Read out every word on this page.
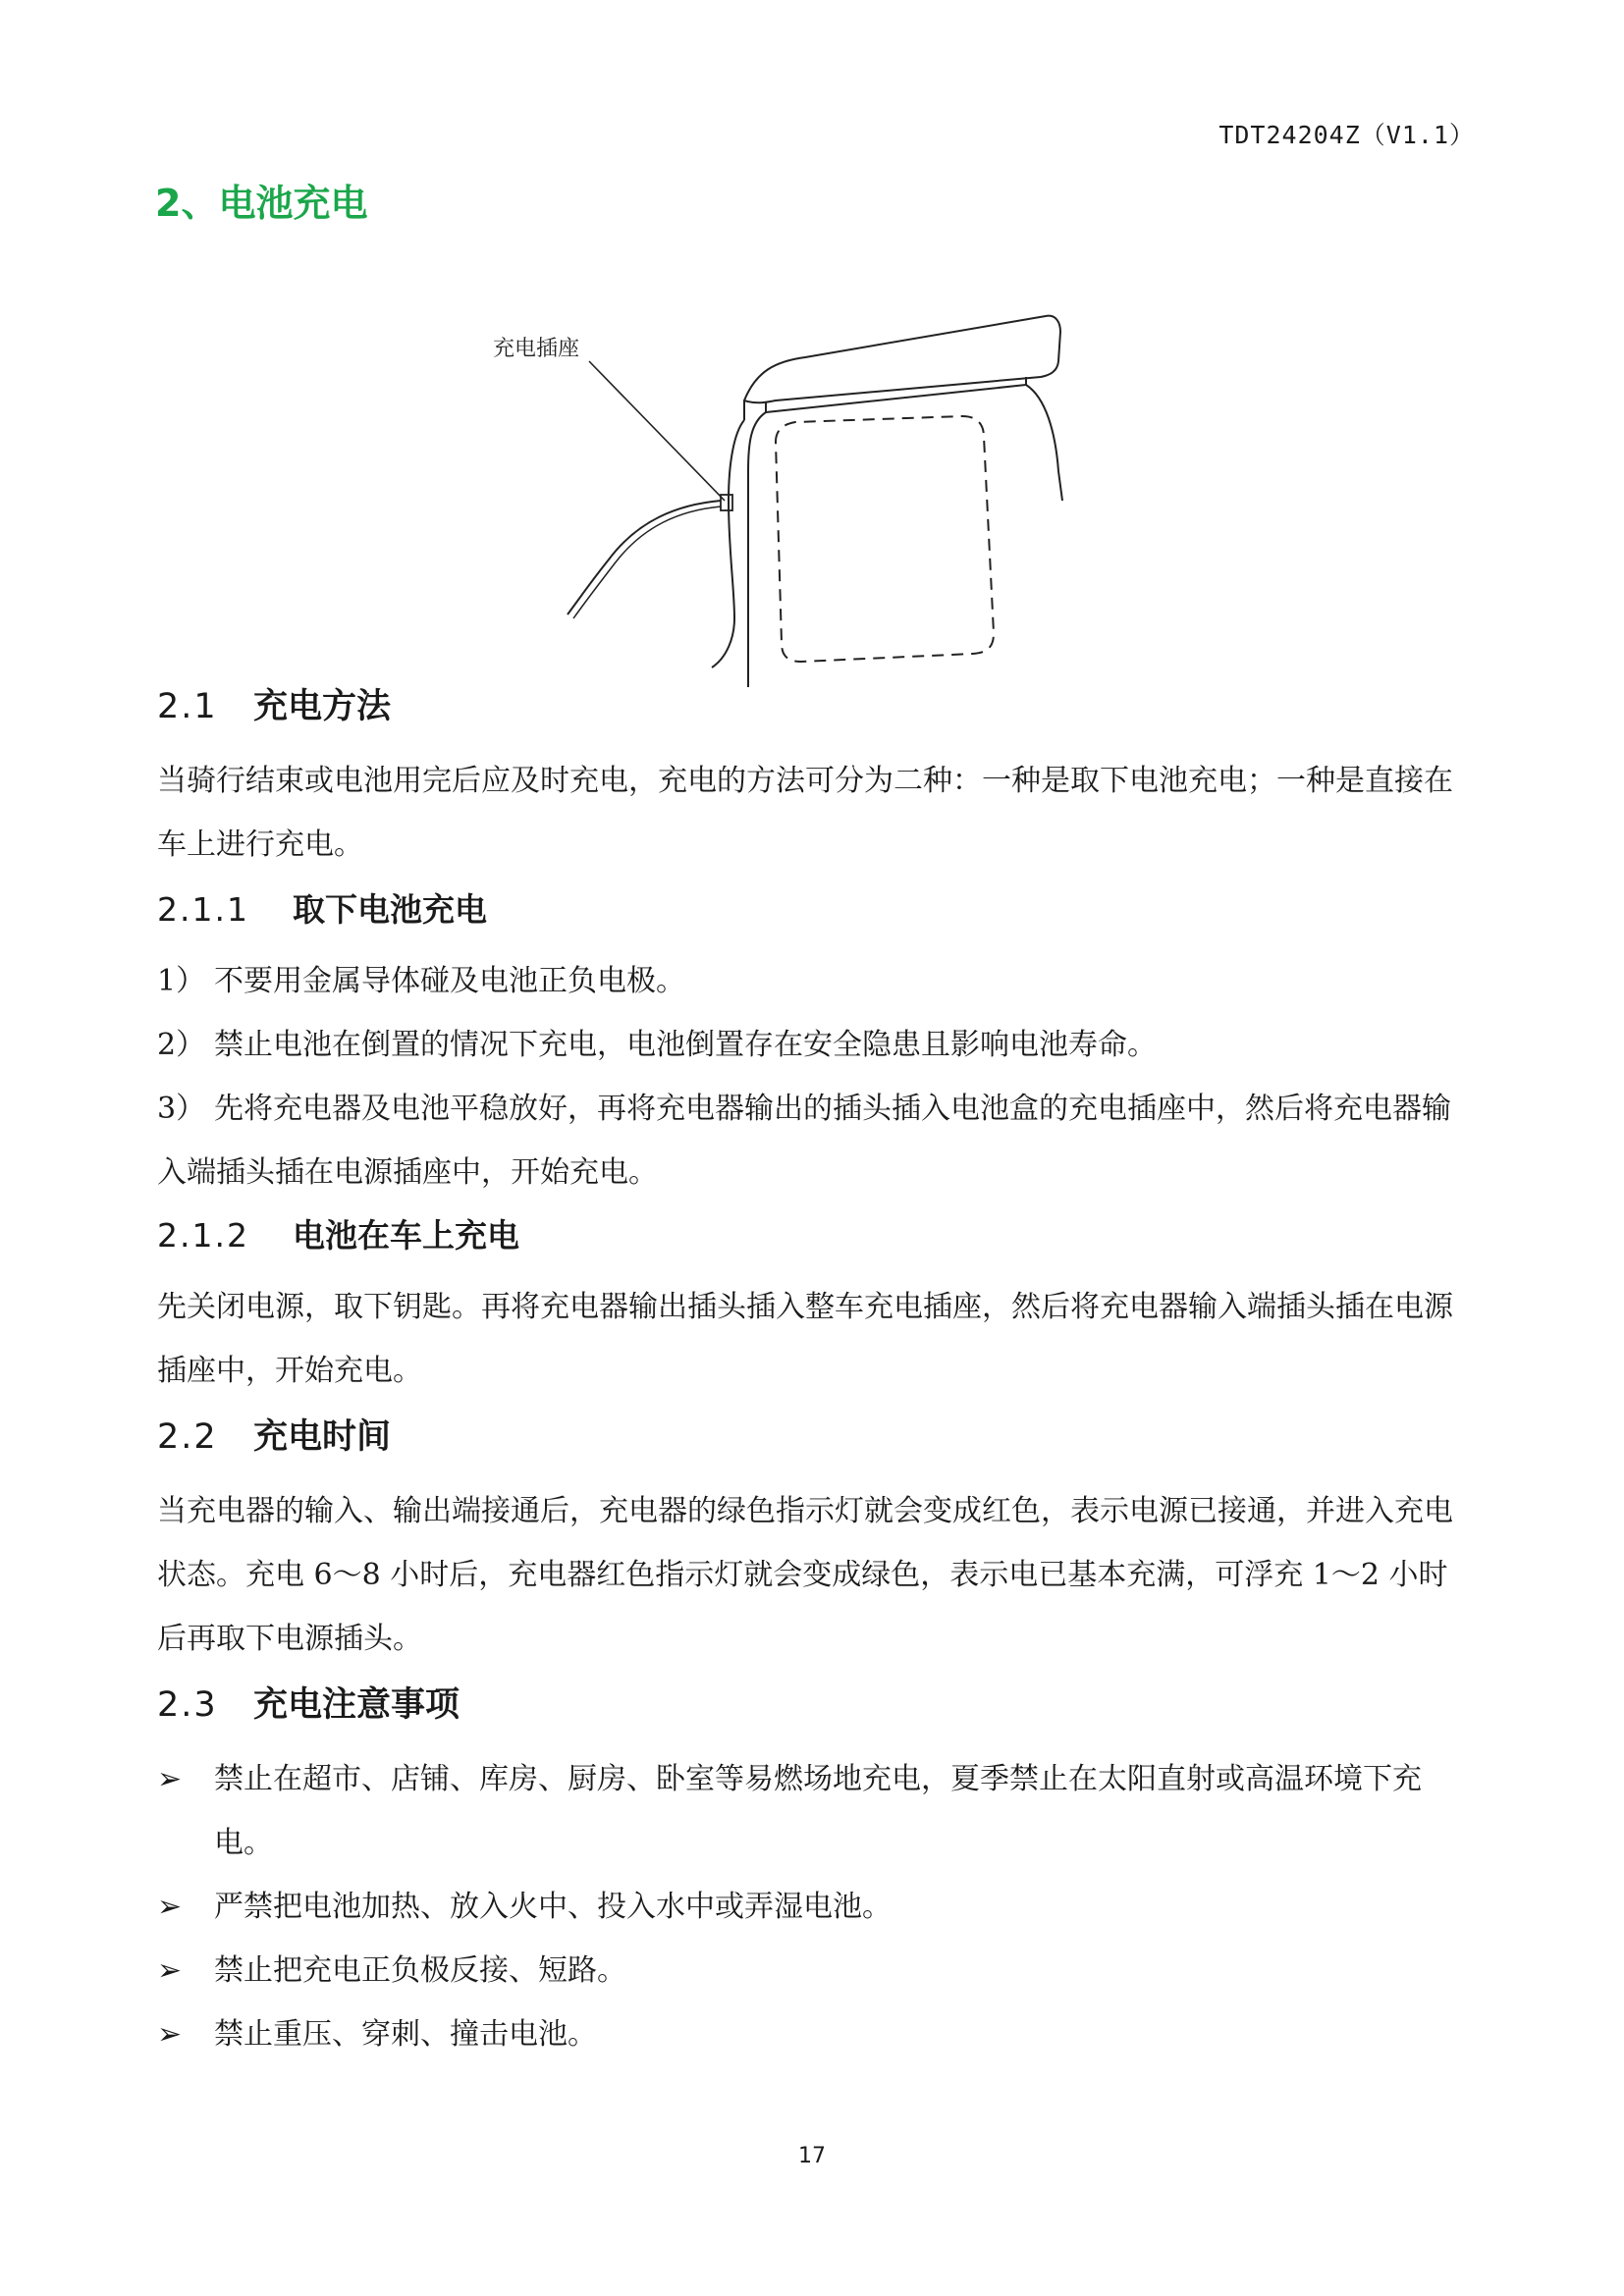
TDT24204Z（V1.1）
2、电池充电
充电插座
2.1 充电方法

当骑行结束或电池用完后应及时充电，充电的方法可分为二种：一种是取下电池充电；一种是直接在车上进行充电。

2.1.1 取下电池充电
1） 不要用金属导体碰及电池正负电极。
2） 禁止电池在倒置的情况下充电，电池倒置存在安全隐患且影响电池寿命。
3） 先将充电器及电池平稳放好，再将充电器输出的插头插入电池盒的充电插座中，然后将充电器输入端插头插在电源插座中，开始充电。
2.1.2 电池在车上充电

先关闭电源，取下钥匙。再将充电器输出插头插入整车充电插座，然后将充电器输入端插头插在电源插座中，开始充电。

2.2 充电时间

当充电器的输入、输出端接通后，充电器的绿色指示灯就会变成红色，表示电源已接通，并进入充电状态。充电 6～8 小时后，充电器红色指示灯就会变成绿色，表示电已基本充满，可浮充 1～2 小时后再取下电源插头。

2.3 充电注意事项
➢ 禁止在超市、店铺、库房、厨房、卧室等易燃场地充电，夏季禁止在太阳直射或高温环境下充电。
➢ 严禁把电池加热、放入火中、投入水中或弄湿电池。
➢ 禁止把充电正负极反接、短路。
➢ 禁止重压、穿刺、撞击电池。
17
